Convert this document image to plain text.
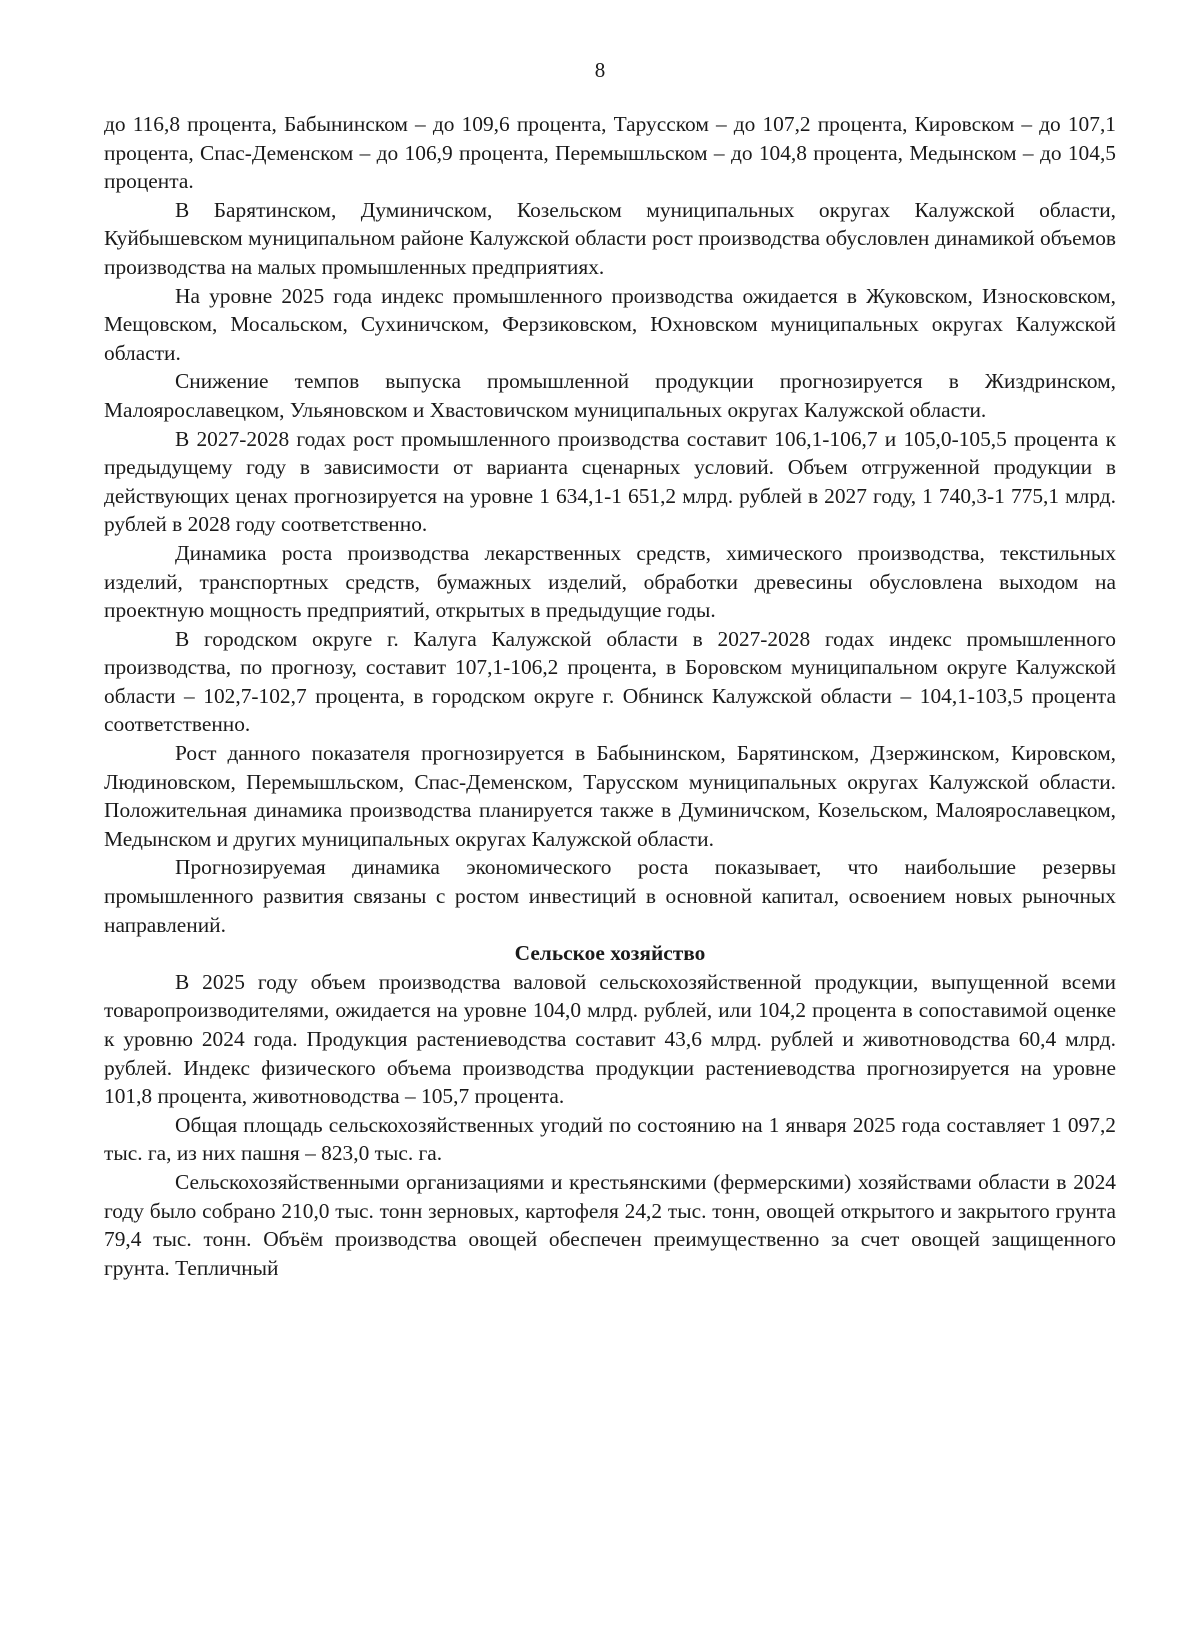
8

до 116,8 процента, Бабынинском – до 109,6 процента, Тарусском – до 107,2 процента, Кировском – до 107,1 процента, Спас-Деменском – до 106,9 процента, Перемышльском – до 104,8 процента, Медынском – до 104,5 процента.

В Барятинском, Думиничском, Козельском муниципальных округах Калужской области, Куйбышевском муниципальном районе Калужской области рост производства обусловлен динамикой объемов производства на малых промышленных предприятиях.

На уровне 2025 года индекс промышленного производства ожидается в Жуковском, Износковском, Мещовском, Мосальском, Сухиничском, Ферзиковском, Юхновском муниципальных округах Калужской области.

Снижение темпов выпуска промышленной продукции прогнозируется в Жиздринском, Малоярославецком, Ульяновском и Хвастовичском муниципальных округах Калужской области.

В 2027-2028 годах рост промышленного производства составит 106,1-106,7 и 105,0-105,5 процента к предыдущему году в зависимости от варианта сценарных условий. Объем отгруженной продукции в действующих ценах прогнозируется на уровне 1 634,1-1 651,2 млрд. рублей в 2027 году, 1 740,3-1 775,1 млрд. рублей в 2028 году соответственно.

Динамика роста производства лекарственных средств, химического производства, текстильных изделий, транспортных средств, бумажных изделий, обработки древесины обусловлена выходом на проектную мощность предприятий, открытых в предыдущие годы.

В городском округе г. Калуга Калужской области в 2027-2028 годах индекс промышленного производства, по прогнозу, составит 107,1-106,2 процента, в Боровском муниципальном округе Калужской области – 102,7-102,7 процента, в городском округе г. Обнинск Калужской области – 104,1-103,5 процента соответственно.

Рост данного показателя прогнозируется в Бабынинском, Барятинском, Дзержинском, Кировском, Людиновском, Перемышльском, Спас-Деменском, Тарусском муниципальных округах Калужской области. Положительная динамика производства планируется также в Думиничском, Козельском, Малоярославецком, Медынском и других муниципальных округах Калужской области.

Прогнозируемая динамика экономического роста показывает, что наибольшие резервы промышленного развития связаны с ростом инвестиций в основной капитал, освоением новых рыночных направлений.

Сельское хозяйство

В 2025 году объем производства валовой сельскохозяйственной продукции, выпущенной всеми товаропроизводителями, ожидается на уровне 104,0 млрд. рублей, или 104,2 процента в сопоставимой оценке к уровню 2024 года. Продукция растениеводства составит 43,6 млрд. рублей и животноводства 60,4 млрд. рублей. Индекс физического объема производства продукции растениеводства прогнозируется на уровне 101,8 процента, животноводства – 105,7 процента.

Общая площадь сельскохозяйственных угодий по состоянию на 1 января 2025 года составляет 1 097,2 тыс. га, из них пашня – 823,0 тыс. га.

Сельскохозяйственными организациями и крестьянскими (фермерскими) хозяйствами области в 2024 году было собрано 210,0 тыс. тонн зерновых, картофеля 24,2 тыс. тонн, овощей открытого и закрытого грунта 79,4 тыс. тонн. Объём производства овощей обеспечен преимущественно за счет овощей защищенного грунта. Тепличный
